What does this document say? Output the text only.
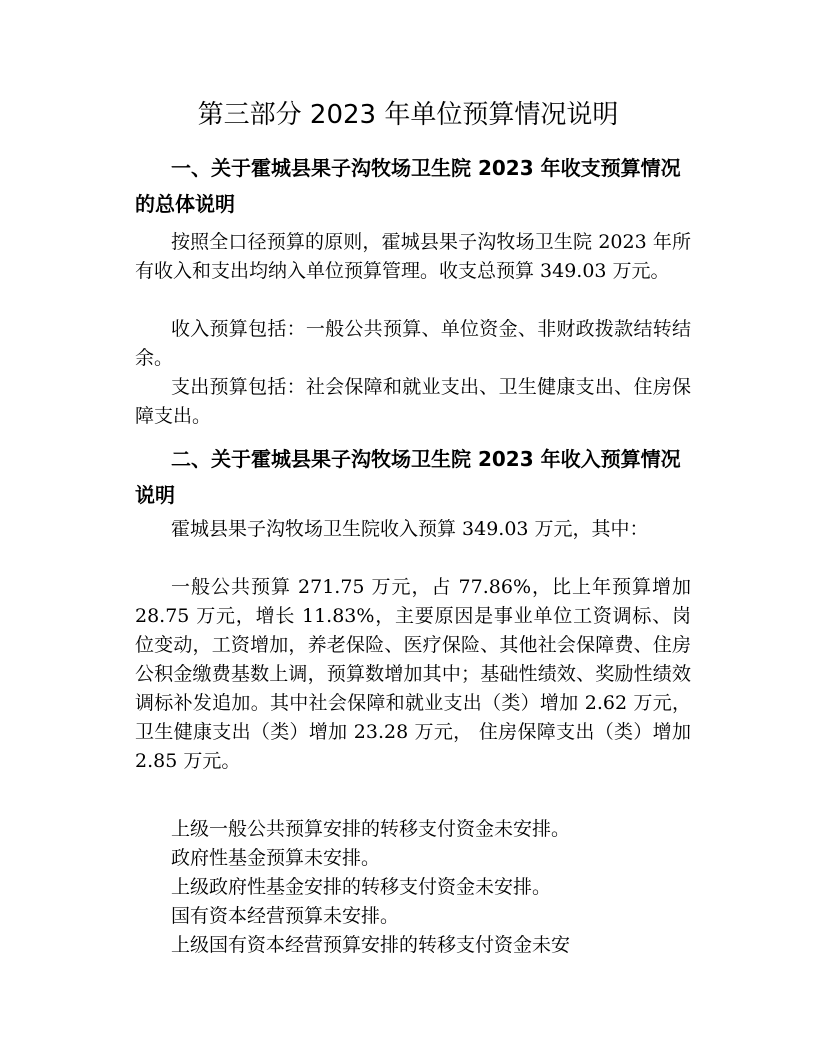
第三部分 2023 年单位预算情况说明
一、关于霍城县果子沟牧场卫生院 2023 年收支预算情况的总体说明

按照全口径预算的原则，霍城县果子沟牧场卫生院 2023 年所有收入和支出均纳入单位预算管理。收支总预算 349.03 万元。

收入预算包括：一般公共预算、单位资金、非财政拨款结转结余。

支出预算包括：社会保障和就业支出、卫生健康支出、住房保障支出。

二、关于霍城县果子沟牧场卫生院 2023 年收入预算情况说明

霍城县果子沟牧场卫生院收入预算 349.03 万元，其中：

一般公共预算 271.75 万元，占 77.86%，比上年预算增加 28.75 万元，增长 11.83%，主要原因是事业单位工资调标、岗位变动，工资增加，养老保险、医疗保险、其他社会保障费、住房公积金缴费基数上调，预算数增加其中；基础性绩效、奖励性绩效调标补发追加。其中社会保障和就业支出（类）增加 2.62 万元，卫生健康支出（类）增加 23.28 万元， 住房保障支出（类）增加 2.85 万元。

上级一般公共预算安排的转移支付资金未安排。

政府性基金预算未安排。

上级政府性基金安排的转移支付资金未安排。

国有资本经营预算未安排。

上级国有资本经营预算安排的转移支付资金未安
